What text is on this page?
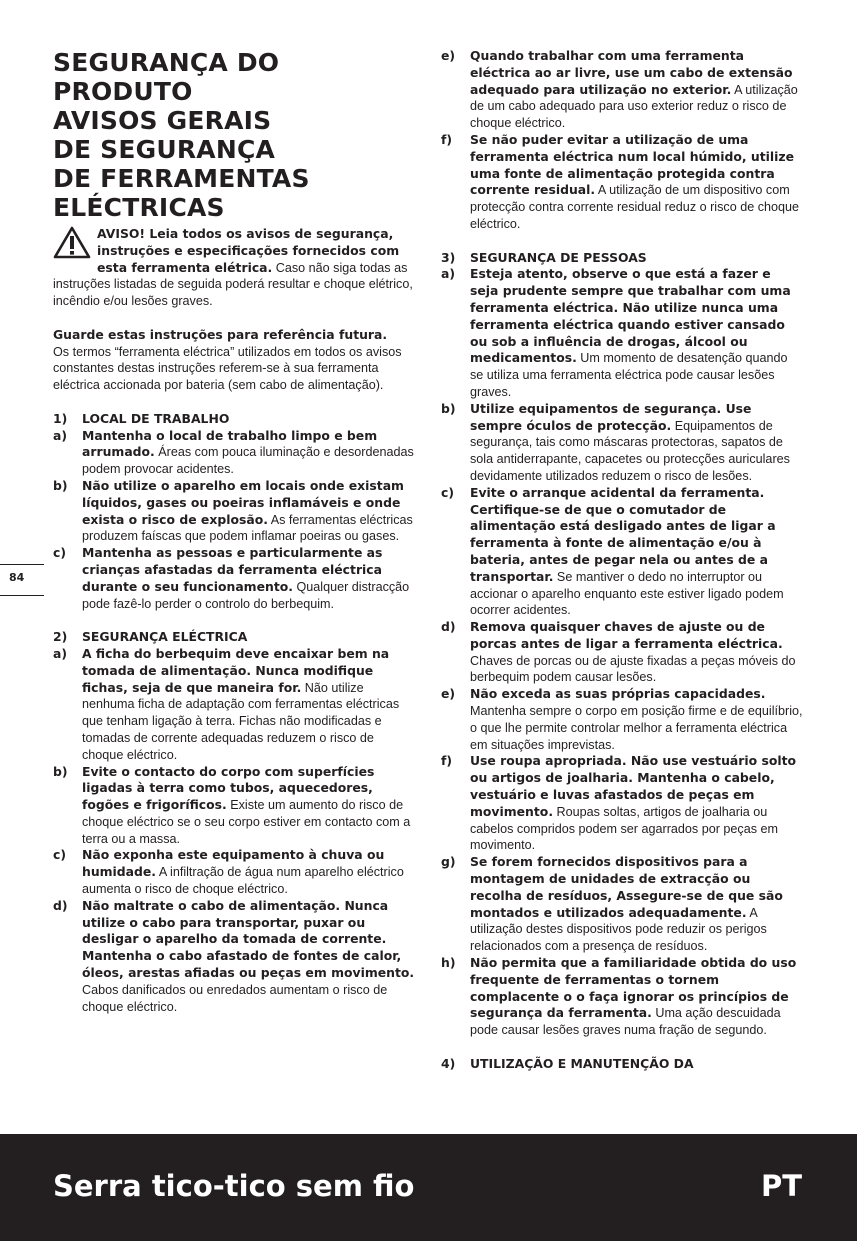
SEGURANÇA DO
PRODUTO
AVISOS GERAIS
DE SEGURANÇA
DE FERRAMENTAS
ELÉCTRICAS

AVISO! Leia todos os avisos de segurança, instruções e especificações fornecidos com esta ferramenta elétrica. Caso não siga todas as instruções listadas de seguida poderá resultar e choque elétrico, incêndio e/ou lesões graves.

Guarde estas instruções para referência futura.
Os termos “ferramenta eléctrica” utilizados em todos os avisos constantes destas instruções referem-se à sua ferramenta eléctrica accionada por bateria (sem cabo de alimentação).

1)	LOCAL DE TRABALHO
a)	Mantenha o local de trabalho limpo e bem arrumado. Áreas com pouca iluminação e desordenadas podem provocar acidentes.
b)	Não utilize o aparelho em locais onde existam líquidos, gases ou poeiras inflamáveis e onde exista o risco de explosão. As ferramentas eléctricas produzem faíscas que podem inflamar poeiras ou gases.
c)	Mantenha as pessoas e particularmente as crianças afastadas da ferramenta eléctrica durante o seu funcionamento. Qualquer distracção pode fazê-lo perder o controlo do berbequim.
2)	SEGURANÇA ELÉCTRICA
a)	A ficha do berbequim deve encaixar bem na tomada de alimentação. Nunca modifique fichas, seja de que maneira for. Não utilize nenhuma ficha de adaptação com ferramentas eléctricas que tenham ligação à terra. Fichas não modificadas e tomadas de corrente adequadas reduzem o risco de choque eléctrico.
b)	Evite o contacto do corpo com superfícies ligadas à terra como tubos, aquecedores, fogões e frigoríficos. Existe um aumento do risco de choque eléctrico se o seu corpo estiver em contacto com a terra ou a massa.
c)	Não exponha este equipamento à chuva ou humidade. A infiltração de água num aparelho eléctrico aumenta o risco de choque eléctrico.
d)	Não maltrate o cabo de alimentação. Nunca utilize o cabo para transportar, puxar ou desligar o aparelho da tomada de corrente. Mantenha o cabo afastado de fontes de calor, óleos, arestas afiadas ou peças em movimento. Cabos danificados ou enredados aumentam o risco de choque eléctrico.
e)	Quando trabalhar com uma ferramenta eléctrica ao ar livre, use um cabo de extensão adequado para utilização no exterior. A utilização de um cabo adequado para uso exterior reduz o risco de choque eléctrico.
f)	Se não puder evitar a utilização de uma ferramenta eléctrica num local húmido, utilize uma fonte de alimentação protegida contra corrente residual. A utilização de um dispositivo com protecção contra corrente residual reduz o risco de choque eléctrico.
3)	SEGURANÇA DE PESSOAS
a)	Esteja atento, observe o que está a fazer e seja prudente sempre que trabalhar com uma ferramenta eléctrica. Não utilize nunca uma ferramenta eléctrica quando estiver cansado ou sob a influência de drogas, álcool ou medicamentos. Um momento de desatenção quando se utiliza uma ferramenta eléctrica pode causar lesões graves.
b)	Utilize equipamentos de segurança. Use sempre óculos de protecção. Equipamentos de segurança, tais como máscaras protectoras, sapatos de sola antiderrapante, capacetes ou protecções auriculares devidamente utilizados reduzem o risco de lesões.
c)	Evite o arranque acidental da ferramenta. Certifique-se de que o comutador de alimentação está desligado antes de ligar a ferramenta à fonte de alimentação e/ou à bateria, antes de pegar nela ou antes de a transportar. Se mantiver o dedo no interruptor ou accionar o aparelho enquanto este estiver ligado podem ocorrer acidentes.
d)	Remova quaisquer chaves de ajuste ou de porcas antes de ligar a ferramenta eléctrica. Chaves de porcas ou de ajuste fixadas a peças móveis do berbequim podem causar lesões.
e)	Não exceda as suas próprias capacidades. Mantenha sempre o corpo em posição firme e de equilíbrio, o que lhe permite controlar melhor a ferramenta eléctrica em situações imprevistas.
f)	Use roupa apropriada. Não use vestuário solto ou artigos de joalharia. Mantenha o cabelo, vestuário e luvas afastados de peças em movimento. Roupas soltas, artigos de joalharia ou cabelos compridos podem ser agarrados por peças em movimento.
g)	Se forem fornecidos dispositivos para a montagem de unidades de extracção ou recolha de resíduos, Assegure-se de que são montados e utilizados adequadamente. A utilização destes dispositivos pode reduzir os perigos relacionados com a presença de resíduos.
h)	Não permita que a familiaridade obtida do uso frequente de ferramentas o tornem complacente o o faça ignorar os princípios de segurança da ferramenta. Uma ação descuidada pode causar lesões graves numa fração de segundo.
4)	UTILIZAÇÃO E MANUTENÇÃO DA
84
Serra tico-tico sem fio	PT
